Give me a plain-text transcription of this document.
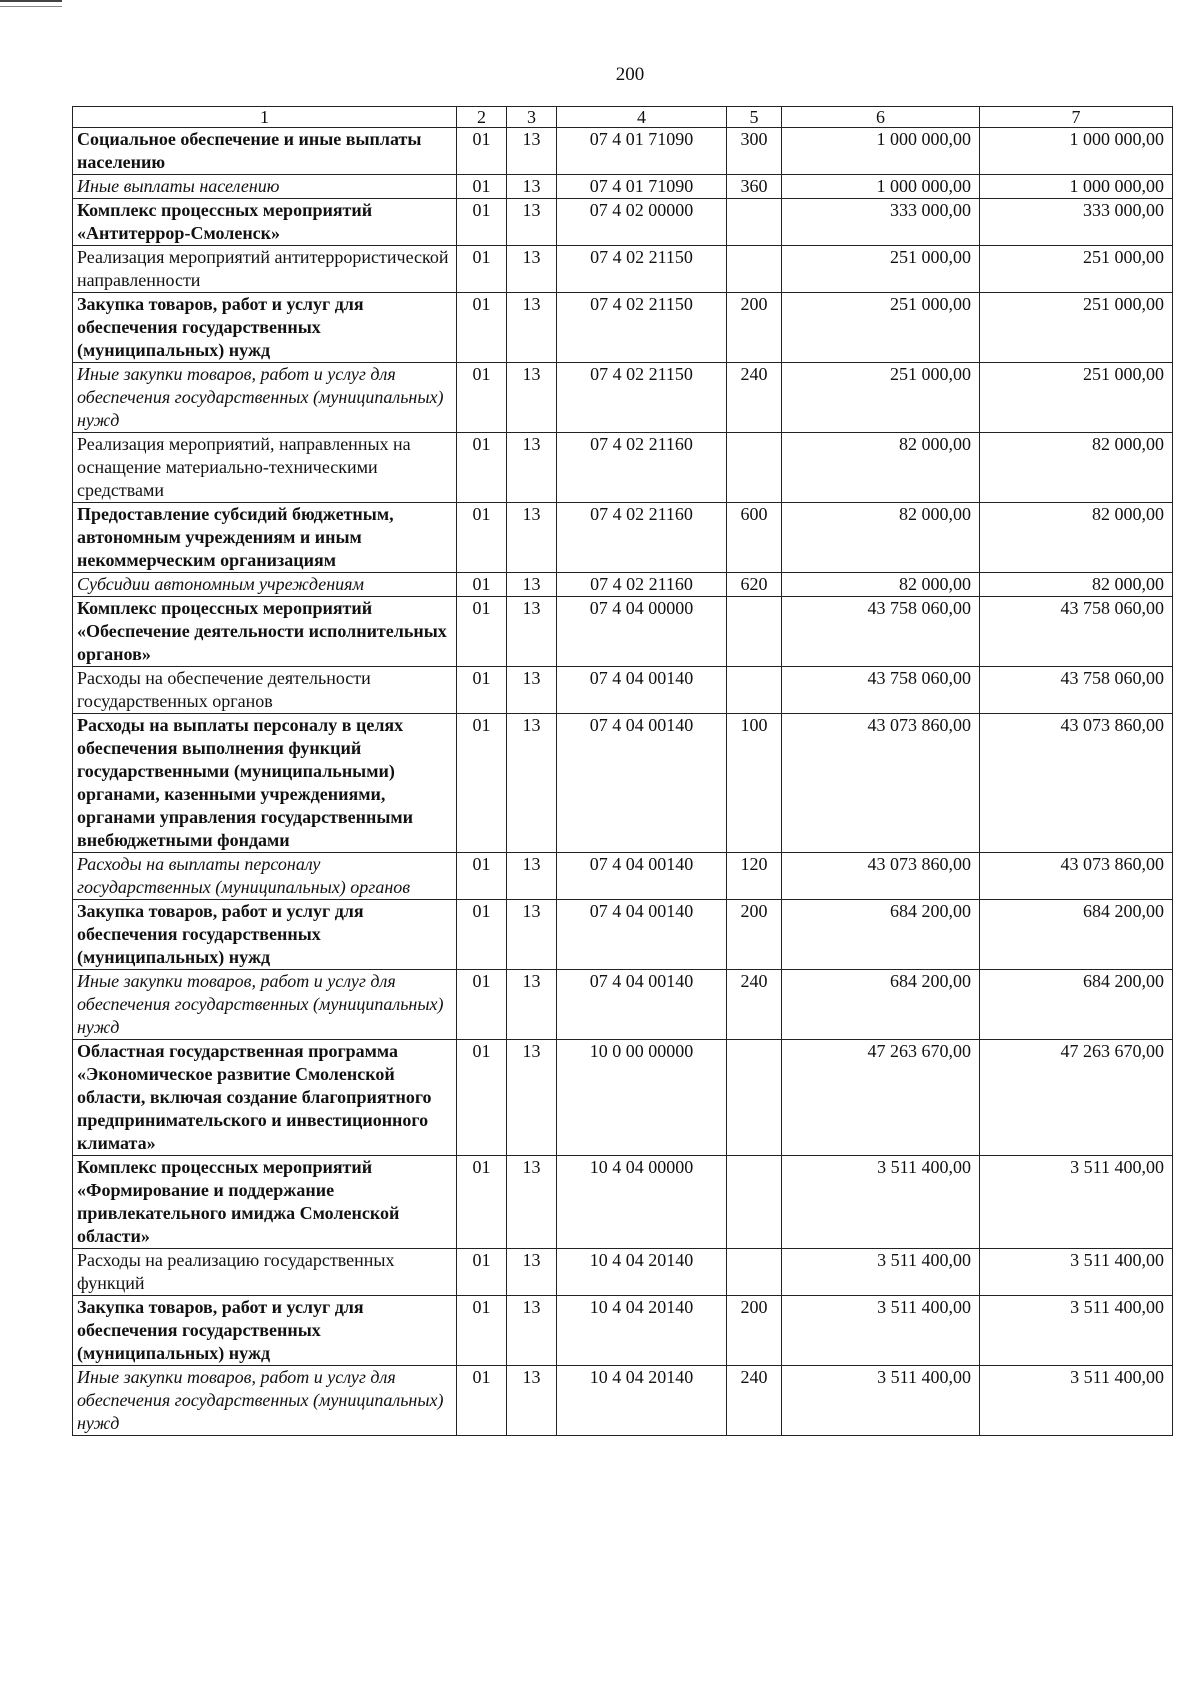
200
1	2	3	4	5	6	7
Социальное обеспечение и иные выплаты населению	01	13	07 4 01 71090	300	1 000 000,00	1 000 000,00
Иные выплаты населению	01	13	07 4 01 71090	360	1 000 000,00	1 000 000,00
Комплекс процессных мероприятий «Антитеррор-Смоленск»	01	13	07 4 02 00000		333 000,00	333 000,00
Реализация мероприятий антитеррористической направленности	01	13	07 4 02 21150		251 000,00	251 000,00
Закупка товаров, работ и услуг для обеспечения государственных (муниципальных) нужд	01	13	07 4 02 21150	200	251 000,00	251 000,00
Иные закупки товаров, работ и услуг для обеспечения государственных (муниципальных) нужд	01	13	07 4 02 21150	240	251 000,00	251 000,00
Реализация мероприятий, направленных на оснащение материально-техническими средствами	01	13	07 4 02 21160		82 000,00	82 000,00
Предоставление субсидий бюджетным, автономным учреждениям и иным некоммерческим организациям	01	13	07 4 02 21160	600	82 000,00	82 000,00
Субсидии автономным учреждениям	01	13	07 4 02 21160	620	82 000,00	82 000,00
Комплекс процессных мероприятий «Обеспечение деятельности исполнительных органов»	01	13	07 4 04 00000		43 758 060,00	43 758 060,00
Расходы на обеспечение деятельности государственных органов	01	13	07 4 04 00140		43 758 060,00	43 758 060,00
Расходы на выплаты персоналу в целях обеспечения выполнения функций государственными (муниципальными) органами, казенными учреждениями, органами управления государственными внебюджетными фондами	01	13	07 4 04 00140	100	43 073 860,00	43 073 860,00
Расходы на выплаты персоналу государственных (муниципальных) органов	01	13	07 4 04 00140	120	43 073 860,00	43 073 860,00
Закупка товаров, работ и услуг для обеспечения государственных (муниципальных) нужд	01	13	07 4 04 00140	200	684 200,00	684 200,00
Иные закупки товаров, работ и услуг для обеспечения государственных (муниципальных) нужд	01	13	07 4 04 00140	240	684 200,00	684 200,00
Областная государственная программа «Экономическое развитие Смоленской области, включая создание благоприятного предпринимательского и инвестиционного климата»	01	13	10 0 00 00000		47 263 670,00	47 263 670,00
Комплекс процессных мероприятий «Формирование и поддержание привлекательного имиджа Смоленской области»	01	13	10 4 04 00000		3 511 400,00	3 511 400,00
Расходы на реализацию государственных функций	01	13	10 4 04 20140		3 511 400,00	3 511 400,00
Закупка товаров, работ и услуг для обеспечения государственных (муниципальных) нужд	01	13	10 4 04 20140	200	3 511 400,00	3 511 400,00
Иные закупки товаров, работ и услуг для обеспечения государственных (муниципальных) нужд	01	13	10 4 04 20140	240	3 511 400,00	3 511 400,00
